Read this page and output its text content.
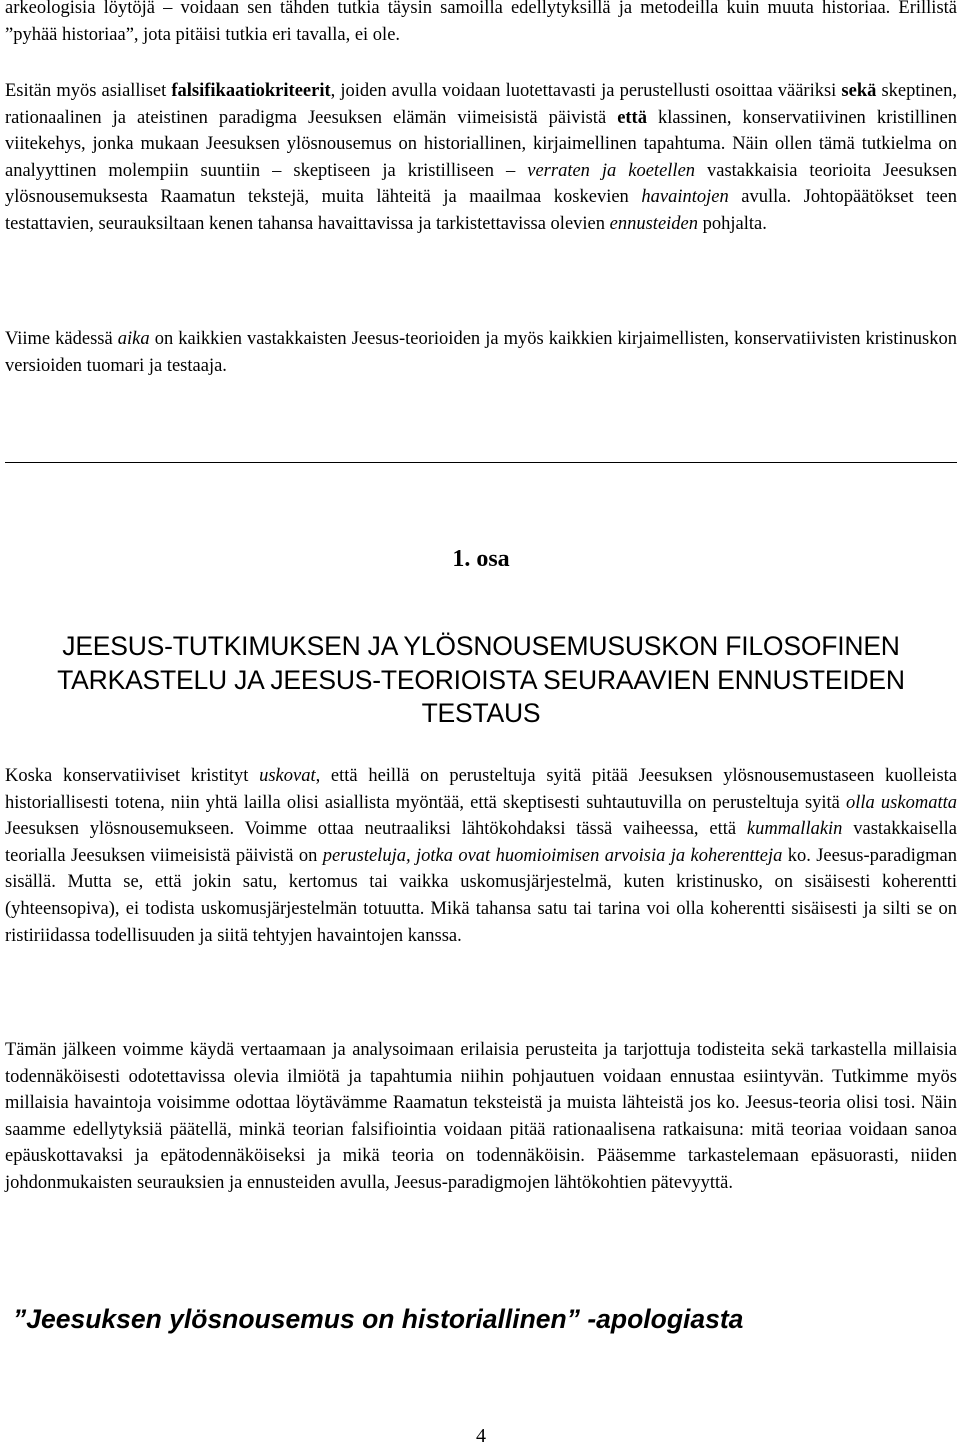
arkeologisia löytöjä – voidaan sen tähden tutkia täysin samoilla edellytyksillä ja metodeilla kuin muuta historiaa. Erillistä ”pyhää historiaa”, jota pitäisi tutkia eri tavalla, ei ole.

Esitän myös asialliset falsifikaatiokriteerit, joiden avulla voidaan luotettavasti ja perustellusti osoittaa vääriksi sekä skeptinen, rationaalinen ja ateistinen paradigma Jeesuksen elämän viimeisistä päivistä että klassinen, konservatiivinen kristillinen viitekehys, jonka mukaan Jeesuksen ylösnousemus on historiallinen, kirjaimellinen tapahtuma. Näin ollen tämä tutkielma on analyyttinen molempiin suuntiin – skeptiseen ja kristilliseen – verraten ja koetellen vastakkaisia teorioita Jeesuksen ylösnousemuksesta Raamatun tekstejä, muita lähteitä ja maailmaa koskevien havaintojen avulla. Johtopäätökset teen testattavien, seurauksiltaan kenen tahansa havaittavissa ja tarkistettavissa olevien ennusteiden pohjalta.

Viime kädessä aika on kaikkien vastakkaisten Jeesus-teorioiden ja myös kaikkien kirjaimellisten, konservatiivisten kristinuskon versioiden tuomari ja testaaja.

1. osa
JEESUS-TUTKIMUKSEN JA YLÖSNOUSEMUSUSKON FILOSOFINEN
TARKASTELU JA JEESUS-TEORIOISTA SEURAAVIEN ENNUSTEIDEN
TESTAUS

Koska konservatiiviset kristityt uskovat, että heillä on perusteltuja syitä pitää Jeesuksen ylösnousemustaseen kuolleista historiallisesti totena, niin yhtä lailla olisi asiallista myöntää, että skeptisesti suhtautuvilla on perusteltuja syitä olla uskomatta Jeesuksen ylösnousemukseen. Voimme ottaa neutraaliksi lähtökohdaksi tässä vaiheessa, että kummallakin vastakkaisella teorialla Jeesuksen viimeisistä päivistä on perusteluja, jotka ovat huomioimisen arvoisia ja koherentteja ko. Jeesus-paradigman sisällä. Mutta se, että jokin satu, kertomus tai vaikka uskomusjärjestelmä, kuten kristinusko, on sisäisesti koherentti (yhteensopiva), ei todista uskomusjärjestelmän totuutta. Mikä tahansa satu tai tarina voi olla koherentti sisäisesti ja silti se on ristiriidassa todellisuuden ja siitä tehtyjen havaintojen kanssa.

Tämän jälkeen voimme käydä vertaamaan ja analysoimaan erilaisia perusteita ja tarjottuja todisteita sekä tarkastella millaisia todennäköisesti odotettavissa olevia ilmiötä ja tapahtumia niihin pohjautuen voidaan ennustaa esiintyvän. Tutkimme myös millaisia havaintoja voisimme odottaa löytävämme Raamatun teksteistä ja muista lähteistä jos ko. Jeesus-teoria olisi tosi. Näin saamme edellytyksiä päätellä, minkä teorian falsifiointia voidaan pitää rationaalisena ratkaisuna: mitä teoriaa voidaan sanoa epäuskottavaksi ja epätodennäköiseksi ja mikä teoria on todennäköisin. Pääsemme tarkastelemaan epäsuorasti, niiden johdonmukaisten seurauksien ja ennusteiden avulla, Jeesus-paradigmojen lähtökohtien pätevyyttä.

”Jeesuksen ylösnousemus on historiallinen” -apologiasta
4
